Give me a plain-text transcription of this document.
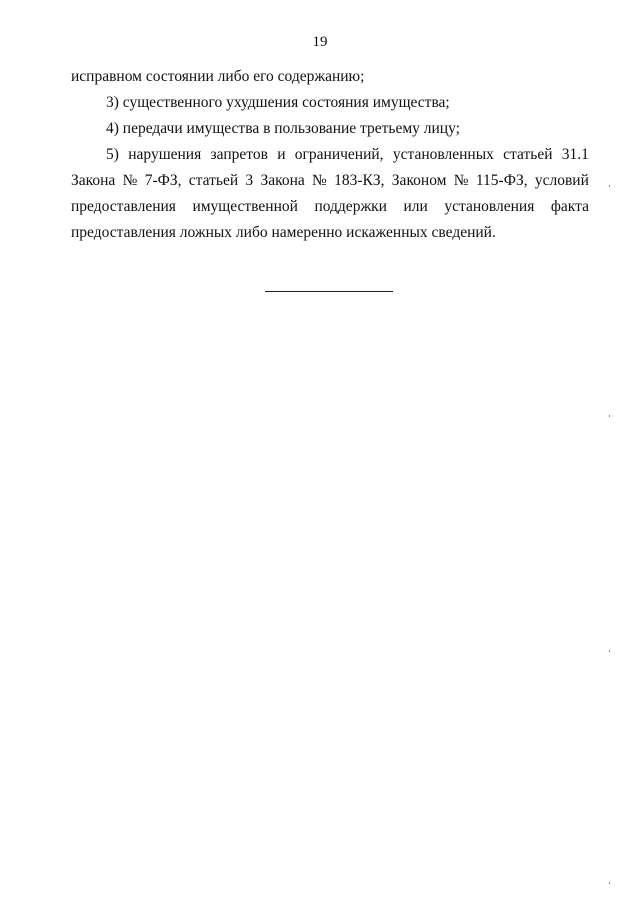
19
исправном состоянии либо его содержанию;
3) существенного ухудшения состояния имущества;
4) передачи имущества в пользование третьему лицу;
5) нарушения запретов и ограничений, установленных статьей 31.1
Закона № 7-ФЗ, статьей 3 Закона № 183-КЗ, Законом № 115-ФЗ, условий
предоставления имущественной поддержки или установления факта
предоставления ложных либо намеренно искаженных сведений.
